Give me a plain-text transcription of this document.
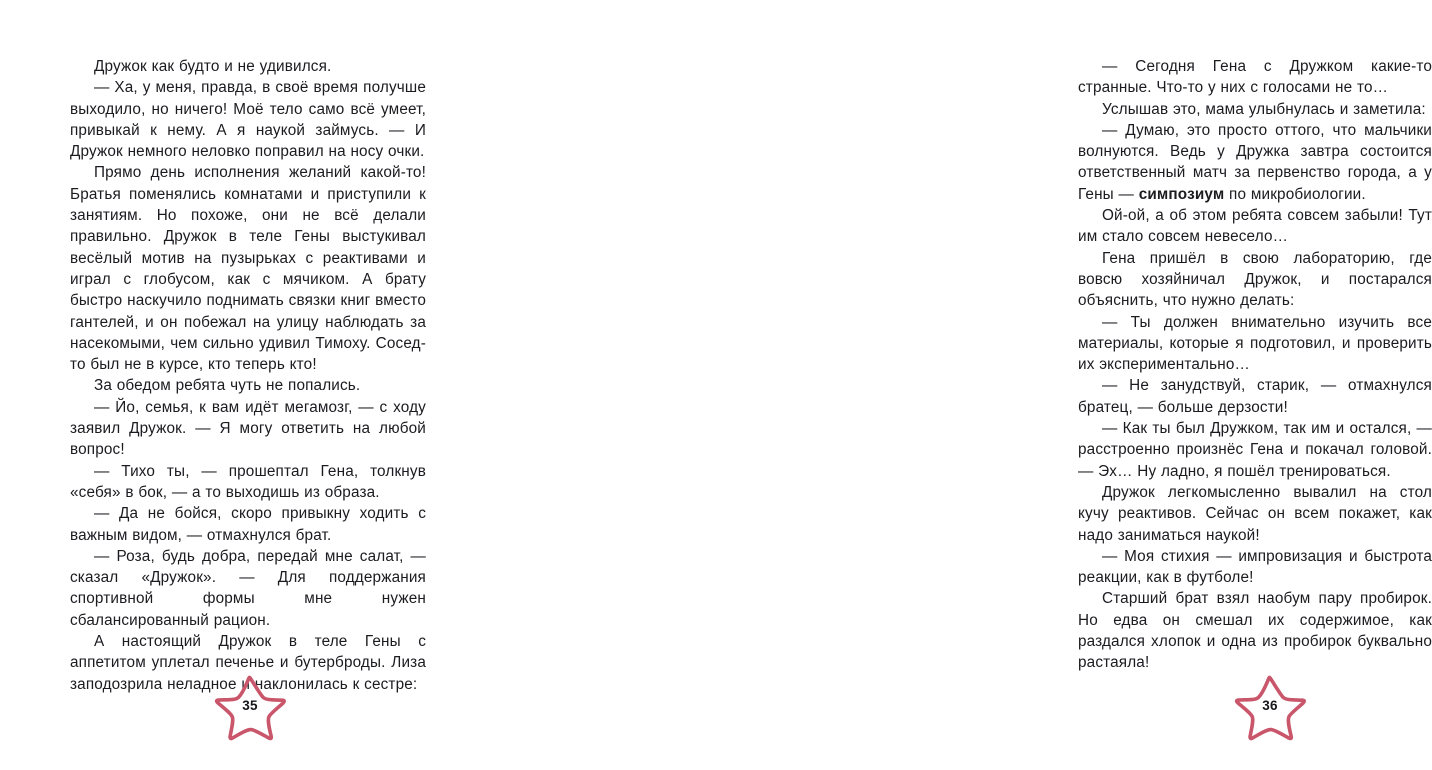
Дружок как будто и не удивился.

— Ха, у меня, правда, в своё время получше выходило, но ничего! Моё тело само всё умеет, привыкай к нему. А я наукой займусь. — И Дружок немного неловко поправил на носу очки.

Прямо день исполнения желаний какой-то! Братья поменялись комнатами и приступили к занятиям. Но похоже, они не всё делали правильно. Дружок в теле Гены выстукивал весёлый мотив на пузырьках с реактивами и играл с глобусом, как с мячиком. А брату быстро наскучило поднимать связки книг вместо гантелей, и он побежал на улицу наблюдать за насекомыми, чем сильно удивил Тимоху. Сосед-то был не в курсе, кто теперь кто!

За обедом ребята чуть не попались.

— Йо, семья, к вам идёт мегамозг, — с ходу заявил Дружок. — Я могу ответить на любой вопрос!

— Тихо ты, — прошептал Гена, толкнув «себя» в бок, — а то выходишь из образа.

— Да не бойся, скоро привыкну ходить с важным видом, — отмахнулся брат.

— Роза, будь добра, передай мне салат, — сказал «Дружок». — Для поддержания спортивной формы мне нужен сбалансированный рацион.

А настоящий Дружок в теле Гены с аппетитом уплетал печенье и бутерброды. Лиза заподозрила неладное и наклонилась к сестре:

35

— Сегодня Гена с Дружком какие-то странные. Что-то у них с голосами не то…

Услышав это, мама улыбнулась и заметила:

— Думаю, это просто оттого, что мальчики волнуются. Ведь у Дружка завтра состоится ответственный матч за первенство города, а у Гены — симпозиум по микробиологии.

Ой-ой, а об этом ребята совсем забыли! Тут им стало совсем невесело…

Гена пришёл в свою лабораторию, где вовсю хозяйничал Дружок, и постарался объяснить, что нужно делать:

— Ты должен внимательно изучить все материалы, которые я подготовил, и проверить их экспериментально…

— Не занудствуй, старик, — отмахнулся братец, — больше дерзости!

— Как ты был Дружком, так им и остался, — расстроенно произнёс Гена и покачал головой. — Эх… Ну ладно, я пошёл тренироваться.

Дружок легкомысленно вывалил на стол кучу реактивов. Сейчас он всем покажет, как надо заниматься наукой!

— Моя стихия — импровизация и быстрота реакции, как в футболе!

Старший брат взял наобум пару пробирок. Но едва он смешал их содержимое, как раздался хлопок и одна из пробирок буквально растаяла!

36
